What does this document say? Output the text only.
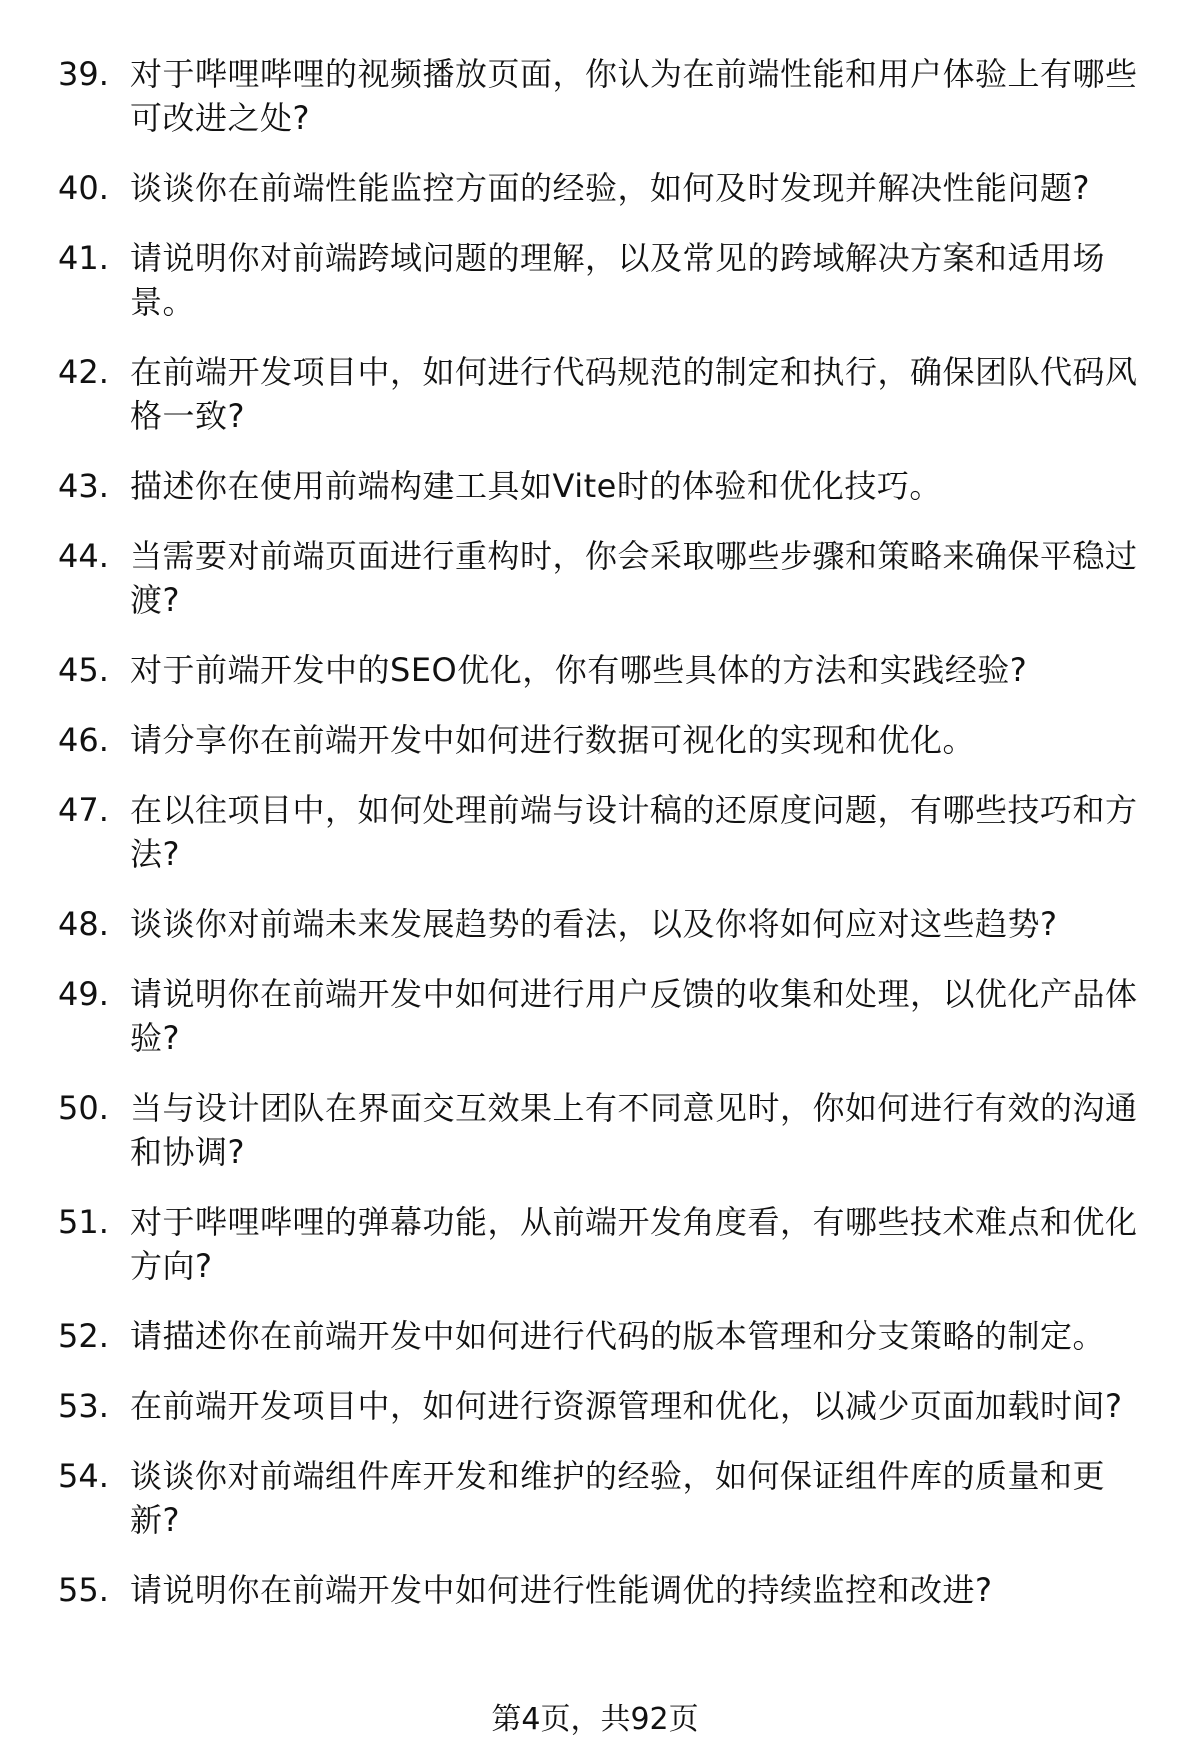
39. 对于哔哩哔哩的视频播放页面，你认为在前端性能和用户体验上有哪些可改进之处?
40. 谈谈你在前端性能监控方面的经验，如何及时发现并解决性能问题?
41. 请说明你对前端跨域问题的理解，以及常见的跨域解决方案和适用场景。
42. 在前端开发项目中，如何进行代码规范的制定和执行，确保团队代码风格一致?
43. 描述你在使用前端构建工具如Vite时的体验和优化技巧。
44. 当需要对前端页面进行重构时，你会采取哪些步骤和策略来确保平稳过渡?
45. 对于前端开发中的SEO优化，你有哪些具体的方法和实践经验?
46. 请分享你在前端开发中如何进行数据可视化的实现和优化。
47. 在以往项目中，如何处理前端与设计稿的还原度问题，有哪些技巧和方法?
48. 谈谈你对前端未来发展趋势的看法，以及你将如何应对这些趋势?
49. 请说明你在前端开发中如何进行用户反馈的收集和处理，以优化产品体验?
50. 当与设计团队在界面交互效果上有不同意见时，你如何进行有效的沟通和协调?
51. 对于哔哩哔哩的弹幕功能，从前端开发角度看，有哪些技术难点和优化方向?
52. 请描述你在前端开发中如何进行代码的版本管理和分支策略的制定。
53. 在前端开发项目中，如何进行资源管理和优化，以减少页面加载时间?
54. 谈谈你对前端组件库开发和维护的经验，如何保证组件库的质量和更新?
55. 请说明你在前端开发中如何进行性能调优的持续监控和改进?
第4页，共92页
